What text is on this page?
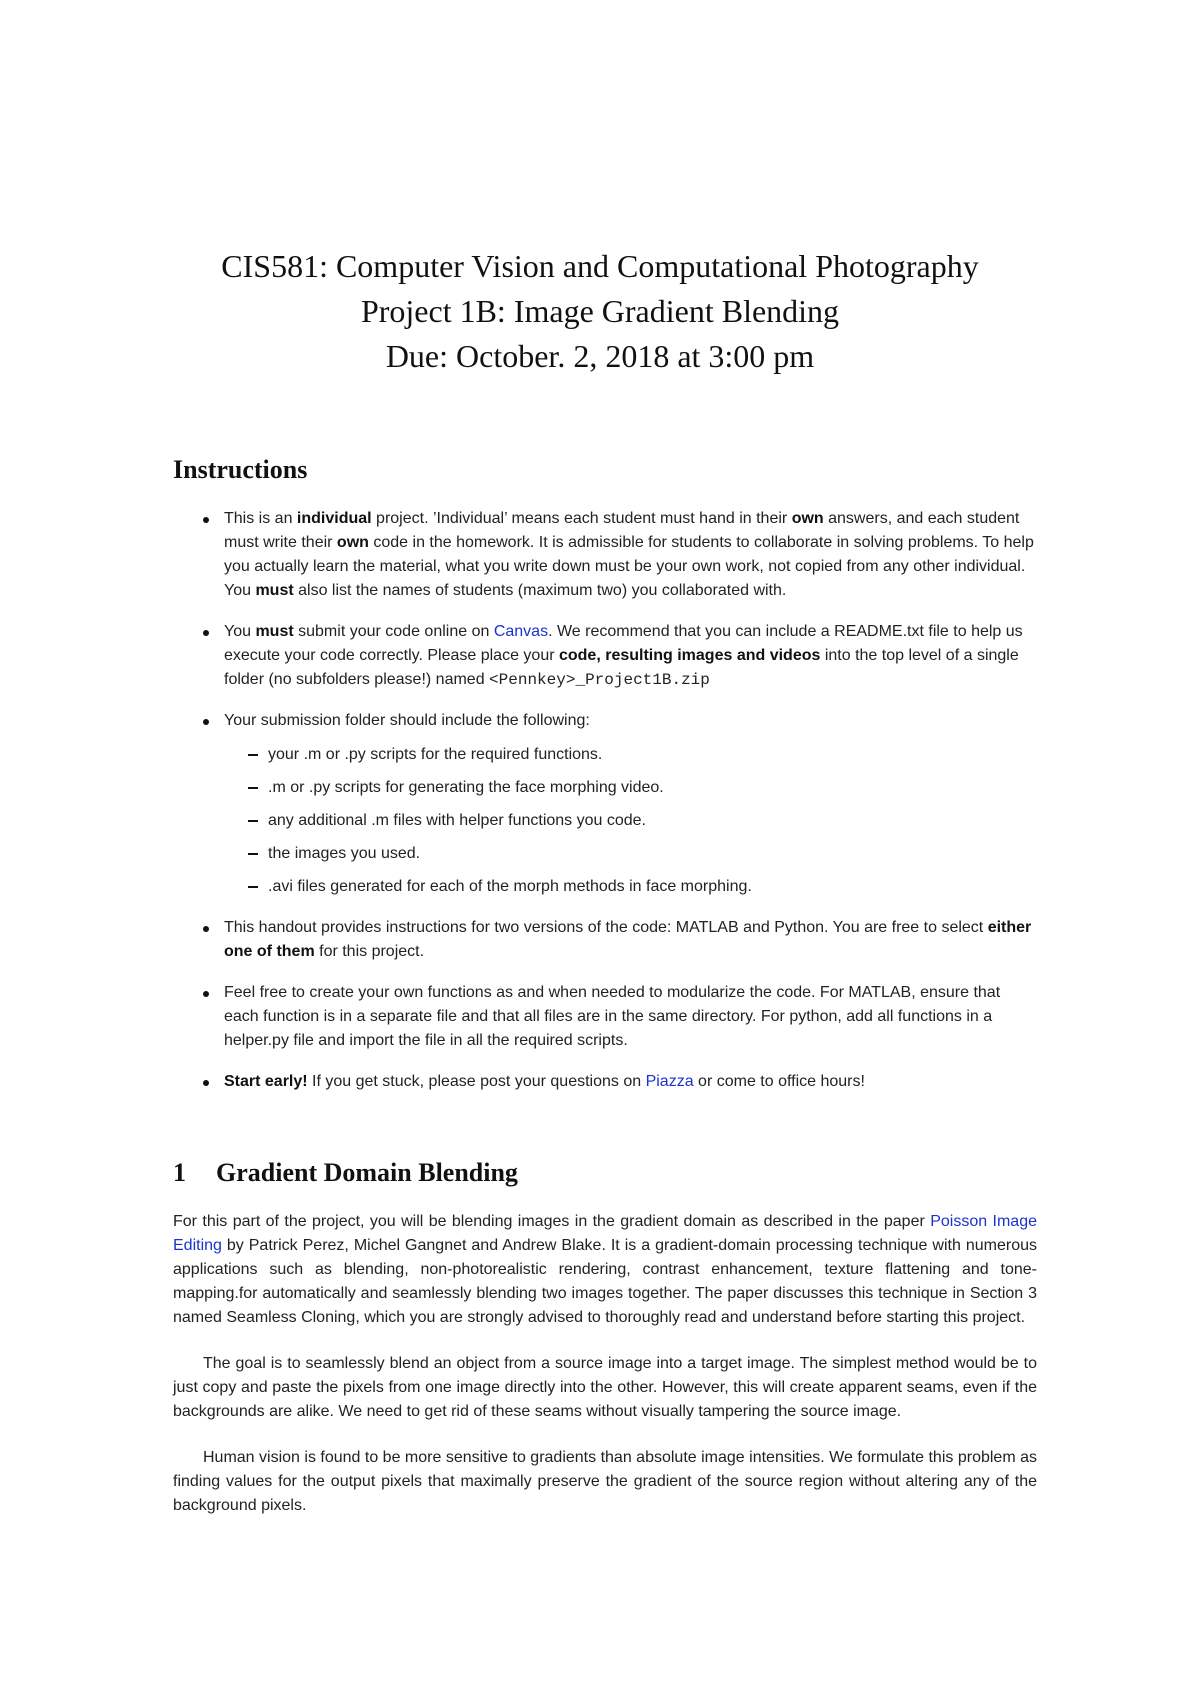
CIS581: Computer Vision and Computational Photography
Project 1B: Image Gradient Blending
Due: October. 2, 2018 at 3:00 pm
Instructions
This is an individual project. ’Individual’ means each student must hand in their own answers, and each student must write their own code in the homework. It is admissible for students to collaborate in solving problems. To help you actually learn the material, what you write down must be your own work, not copied from any other individual. You must also list the names of students (maximum two) you collaborated with.
You must submit your code online on Canvas. We recommend that you can include a README.txt file to help us execute your code correctly. Please place your code, resulting images and videos into the top level of a single folder (no subfolders please!) named <Pennkey>_Project1B.zip
Your submission folder should include the following:
your .m or .py scripts for the required functions.
.m or .py scripts for generating the face morphing video.
any additional .m files with helper functions you code.
the images you used.
.avi files generated for each of the morph methods in face morphing.
This handout provides instructions for two versions of the code: MATLAB and Python. You are free to select either one of them for this project.
Feel free to create your own functions as and when needed to modularize the code. For MATLAB, ensure that each function is in a separate file and that all files are in the same directory. For python, add all functions in a helper.py file and import the file in all the required scripts.
Start early! If you get stuck, please post your questions on Piazza or come to office hours!
1 Gradient Domain Blending

For this part of the project, you will be blending images in the gradient domain as described in the paper Poisson Image Editing by Patrick Perez, Michel Gangnet and Andrew Blake. It is a gradient-domain processing technique with numerous applications such as blending, non-photorealistic rendering, contrast enhancement, texture flattening and tone-mapping.for automatically and seamlessly blending two images together. The paper discusses this technique in Section 3 named Seamless Cloning, which you are strongly advised to thoroughly read and understand before starting this project.

The goal is to seamlessly blend an object from a source image into a target image. The simplest method would be to just copy and paste the pixels from one image directly into the other. However, this will create apparent seams, even if the backgrounds are alike. We need to get rid of these seams without visually tampering the source image.

Human vision is found to be more sensitive to gradients than absolute image intensities. We formulate this problem as finding values for the output pixels that maximally preserve the gradient of the source region without altering any of the background pixels.
